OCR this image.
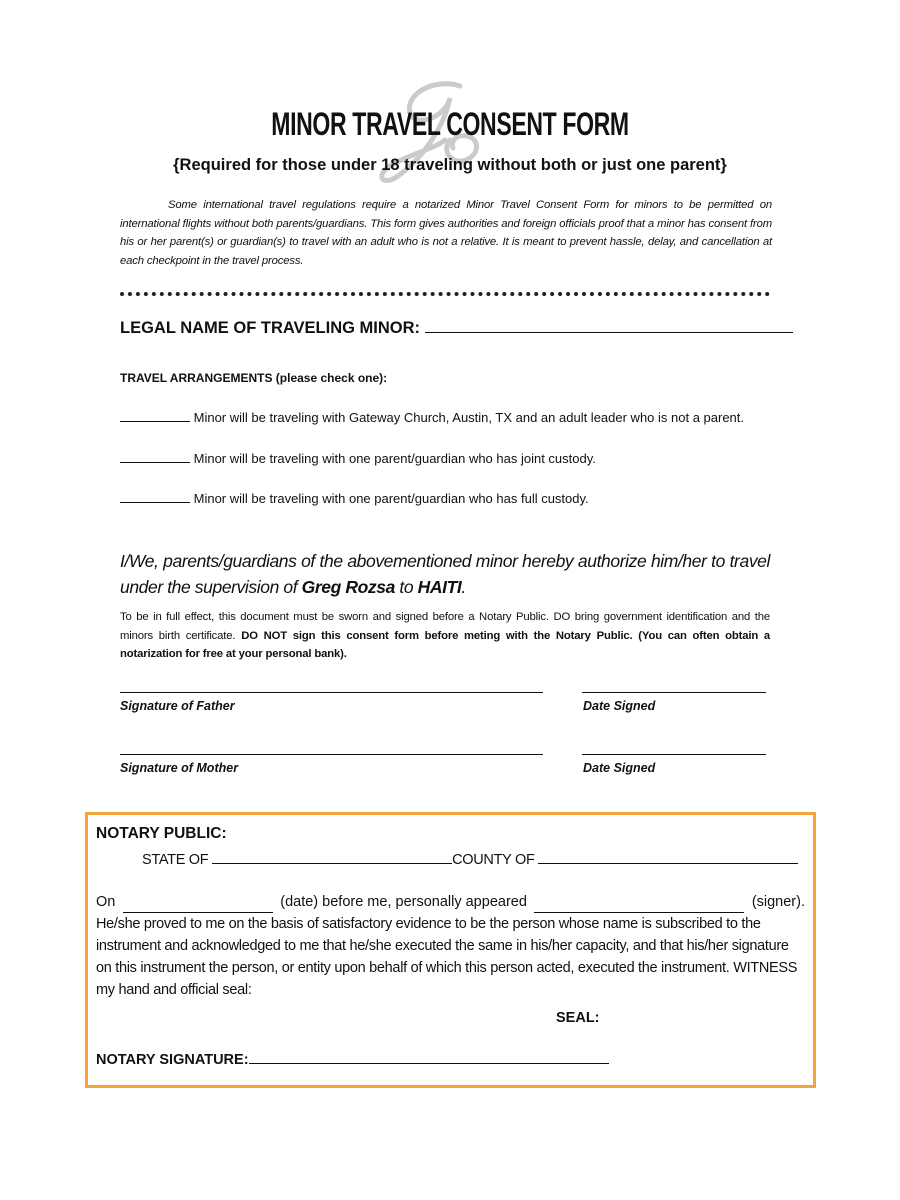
MINOR TRAVEL CONSENT FORM
{Required for those under 18 traveling without both or just one parent}
Some international travel regulations require a notarized Minor Travel Consent Form for minors to be permitted on international flights without both parents/guardians. This form gives authorities and foreign officials proof that a minor has consent from his or her parent(s) or guardian(s) to travel with an adult who is not a relative. It is meant to prevent hassle, delay, and cancellation at each checkpoint in the travel process.
LEGAL NAME OF TRAVELING MINOR:
TRAVEL ARRANGEMENTS (please check one):
Minor will be traveling with Gateway Church, Austin, TX and an adult leader who is not a parent.
Minor will be traveling with one parent/guardian who has joint custody.
Minor will be traveling with one parent/guardian who has full custody.
I/We, parents/guardians of the abovementioned minor hereby authorize him/her to travel under the supervision of Greg Rozsa to HAITI.
To be in full effect, this document must be sworn and signed before a Notary Public. DO bring government identification and the minors birth certificate. DO NOT sign this consent form before meting with the Notary Public. (You can often obtain a notarization for free at your personal bank).
Signature of Father	Date Signed
Signature of Mother	Date Signed
NOTARY PUBLIC:
STATE OF	COUNTY OF
On	(date) before me, personally appeared	(signer).
He/she proved to me on the basis of satisfactory evidence to be the person whose name is subscribed to the instrument and acknowledged to me that he/she executed the same in his/her capacity, and that his/her signature on this instrument the person, or entity upon behalf of which this person acted, executed the instrument. WITNESS my hand and official seal:
SEAL:
NOTARY SIGNATURE:
